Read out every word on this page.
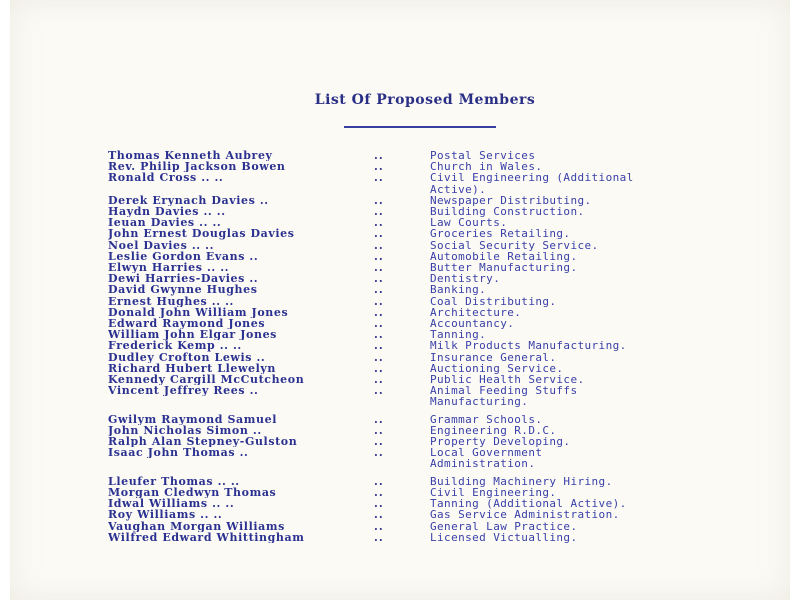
List Of Proposed Members
Thomas Kenneth Aubrey	..	Postal Services
Rev. Philip Jackson Bowen	..	Church in Wales.
Ronald Cross .. ..	..	Civil Engineering (Additional Active).
Derek Erynach Davies ..	..	Newspaper Distributing.
Haydn Davies .. ..	..	Building Construction.
Ieuan Davies .. ..	..	Law Courts.
John Ernest Douglas Davies	..	Groceries Retailing.
Noel Davies .. ..	..	Social Security Service.
Leslie Gordon Evans ..	..	Automobile Retailing.
Elwyn Harries .. ..	..	Butter Manufacturing.
Dewi Harries-Davies ..	..	Dentistry.
David Gwynne Hughes	..	Banking.
Ernest Hughes .. ..	..	Coal Distributing.
Donald John William Jones	..	Architecture.
Edward Raymond Jones	..	Accountancy.
William John Elgar Jones	..	Tanning.
Frederick Kemp .. ..	..	Milk Products Manufacturing.
Dudley Crofton Lewis ..	..	Insurance General.
Richard Hubert Llewelyn	..	Auctioning Service.
Kennedy Cargill McCutcheon	..	Public Health Service.
Vincent Jeffrey Rees ..	..	Animal Feeding Stuffs Manufacturing.
Gwilym Raymond Samuel	..	Grammar Schools.
John Nicholas Simon ..	..	Engineering R.D.C.
Ralph Alan Stepney-Gulston	..	Property Developing.
Isaac John Thomas ..	..	Local Government Administration.
Lleufer Thomas .. ..	..	Building Machinery Hiring.
Morgan Cledwyn Thomas	..	Civil Engineering.
Idwal Williams .. ..	..	Tanning (Additional Active).
Roy Williams .. ..	..	Gas Service Administration.
Vaughan Morgan Williams	..	General Law Practice.
Wilfred Edward Whittingham	..	Licensed Victualling.
